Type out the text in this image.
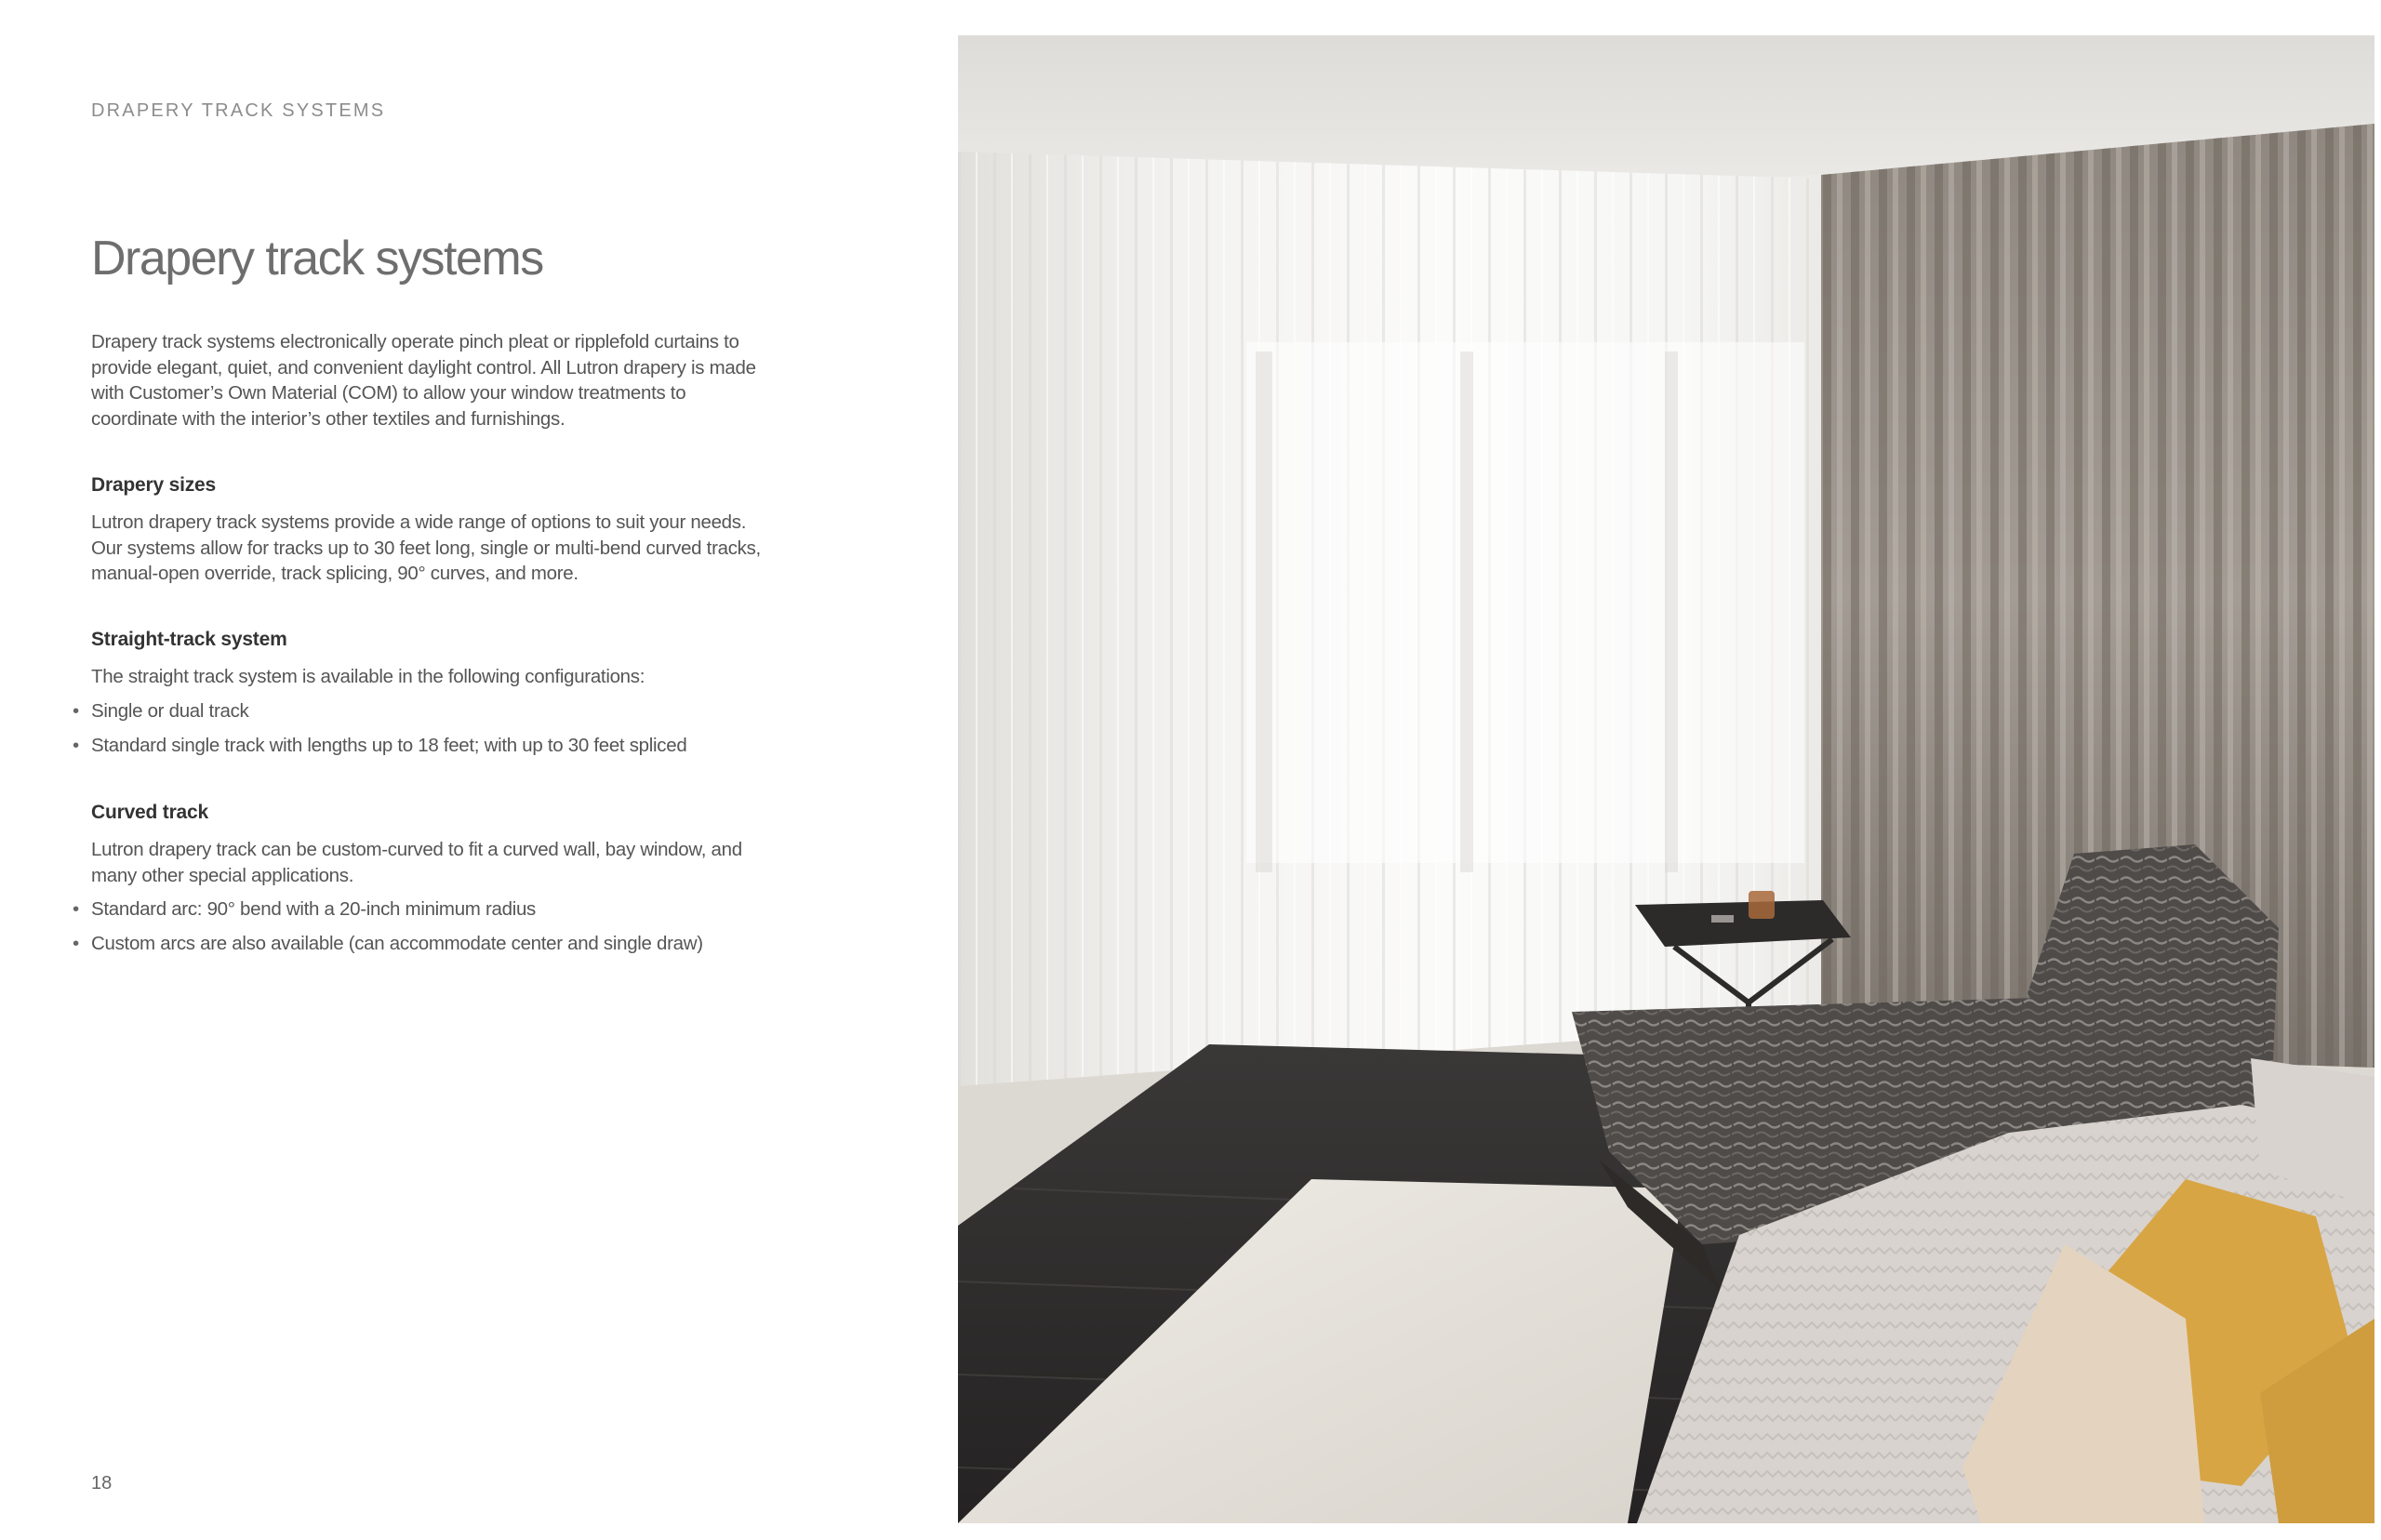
DRAPERY TRACK SYSTEMS
Drapery track systems

Drapery track systems electronically operate pinch pleat or ripplefold curtains to provide elegant, quiet, and convenient daylight control. All Lutron drapery is made with Customer’s Own Material (COM) to allow your window treatments to coordinate with the interior’s other textiles and furnishings.

Drapery sizes

Lutron drapery track systems provide a wide range of options to suit your needs. Our systems allow for tracks up to 30 feet long, single or multi-bend curved tracks, manual-open override, track splicing, 90° curves, and more.

Straight-track system

The straight track system is available in the following configurations:

• Single or dual track
• Standard single track with lengths up to 18 feet; with up to 30 feet spliced
Curved track

Lutron drapery track can be custom-curved to fit a curved wall, bay window, and many other special applications.

• Standard arc: 90° bend with a 20-inch minimum radius
• Custom arcs are also available (can accommodate center and single draw)
18
